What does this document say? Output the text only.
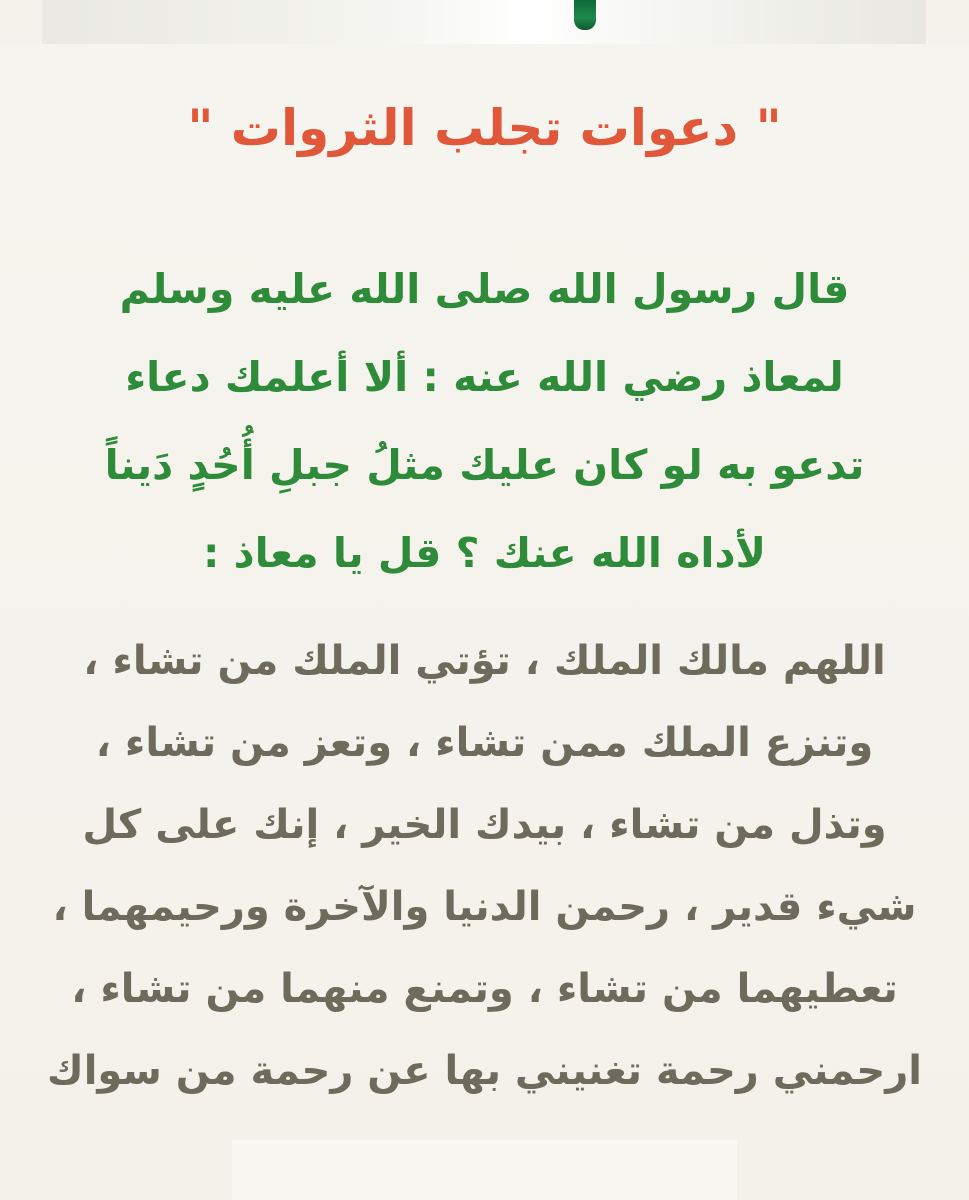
" دعوات تجلب الثروات "
قال رسول الله صلى الله عليه وسلم
لمعاذ رضي الله عنه : ألا أعلمك دعاء
تدعو به لو كان عليك مثلُ جبلِ أُحُدٍ دَيناً
لأداه الله عنك ؟ قل يا معاذ :
اللهم مالك الملك ، تؤتي الملك من تشاء ،
وتنزع الملك ممن تشاء ، وتعز من تشاء ،
وتذل من تشاء ، بيدك الخير ، إنك على كل
شيء قدير ، رحمن الدنيا والآخرة ورحيمهما ،
تعطيهما من تشاء ، وتمنع منهما من تشاء ،
ارحمني رحمة تغنيني بها عن رحمة من سواك
